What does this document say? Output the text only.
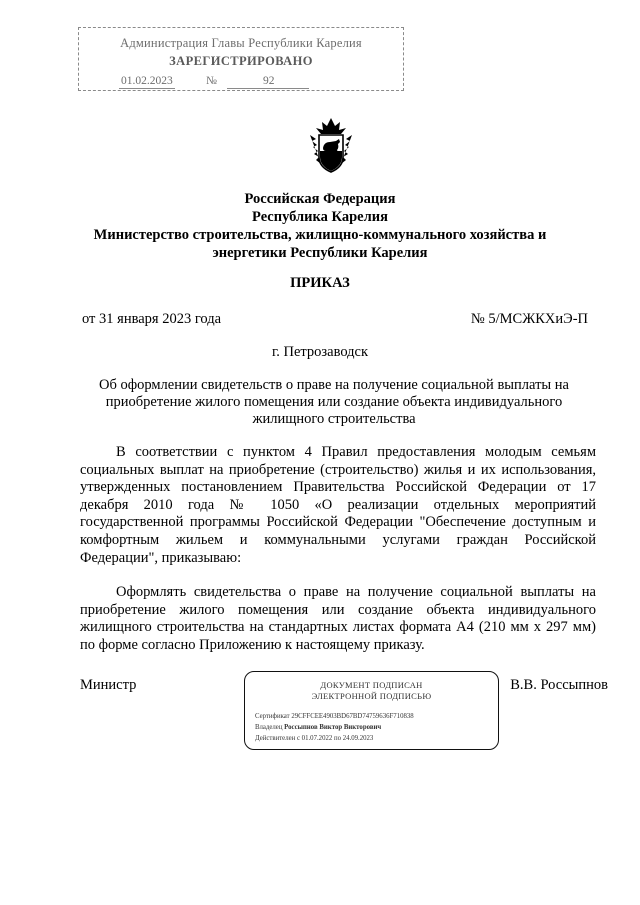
Администрация Главы Республики Карелия
ЗАРЕГИСТРИРОВАНО
01.02.2023	№	92
Российская Федерация
Республика Карелия
Министерство строительства, жилищно-коммунального хозяйства и
энергетики Республики Карелия
ПРИКАЗ
от 31 января 2023 года	№ 5/МСЖКХиЭ-П
г. Петрозаводск
Об оформлении свидетельств о праве на получение социальной выплаты на приобретение жилого помещения или создание объекта индивидуального жилищного строительства
В соответствии с пунктом 4 Правил предоставления молодым семьям социальных выплат на приобретение (строительство) жилья и их использования, утвержденных постановлением Правительства Российской Федерации от 17 декабря 2010 года № 1050 «О реализации отдельных мероприятий государственной программы Российской Федерации "Обеспечение доступным и комфортным жильем и коммунальными услугами граждан Российской Федерации", приказываю:
Оформлять свидетельства о праве на получение социальной выплаты на приобретение жилого помещения или создание объекта индивидуального жилищного строительства на стандартных листах формата А4 (210 мм х 297 мм) по форме согласно Приложению к настоящему приказу.
Министр	В.В. Россыпнов
ДОКУМЕНТ ПОДПИСАН
ЭЛЕКТРОННОЙ ПОДПИСЬЮ
Сертификат 29CFFCEE4903BD67BD74759636F710838
Владелец Россыпнов Виктор Викторович
Действителен с 01.07.2022 по 24.09.2023
